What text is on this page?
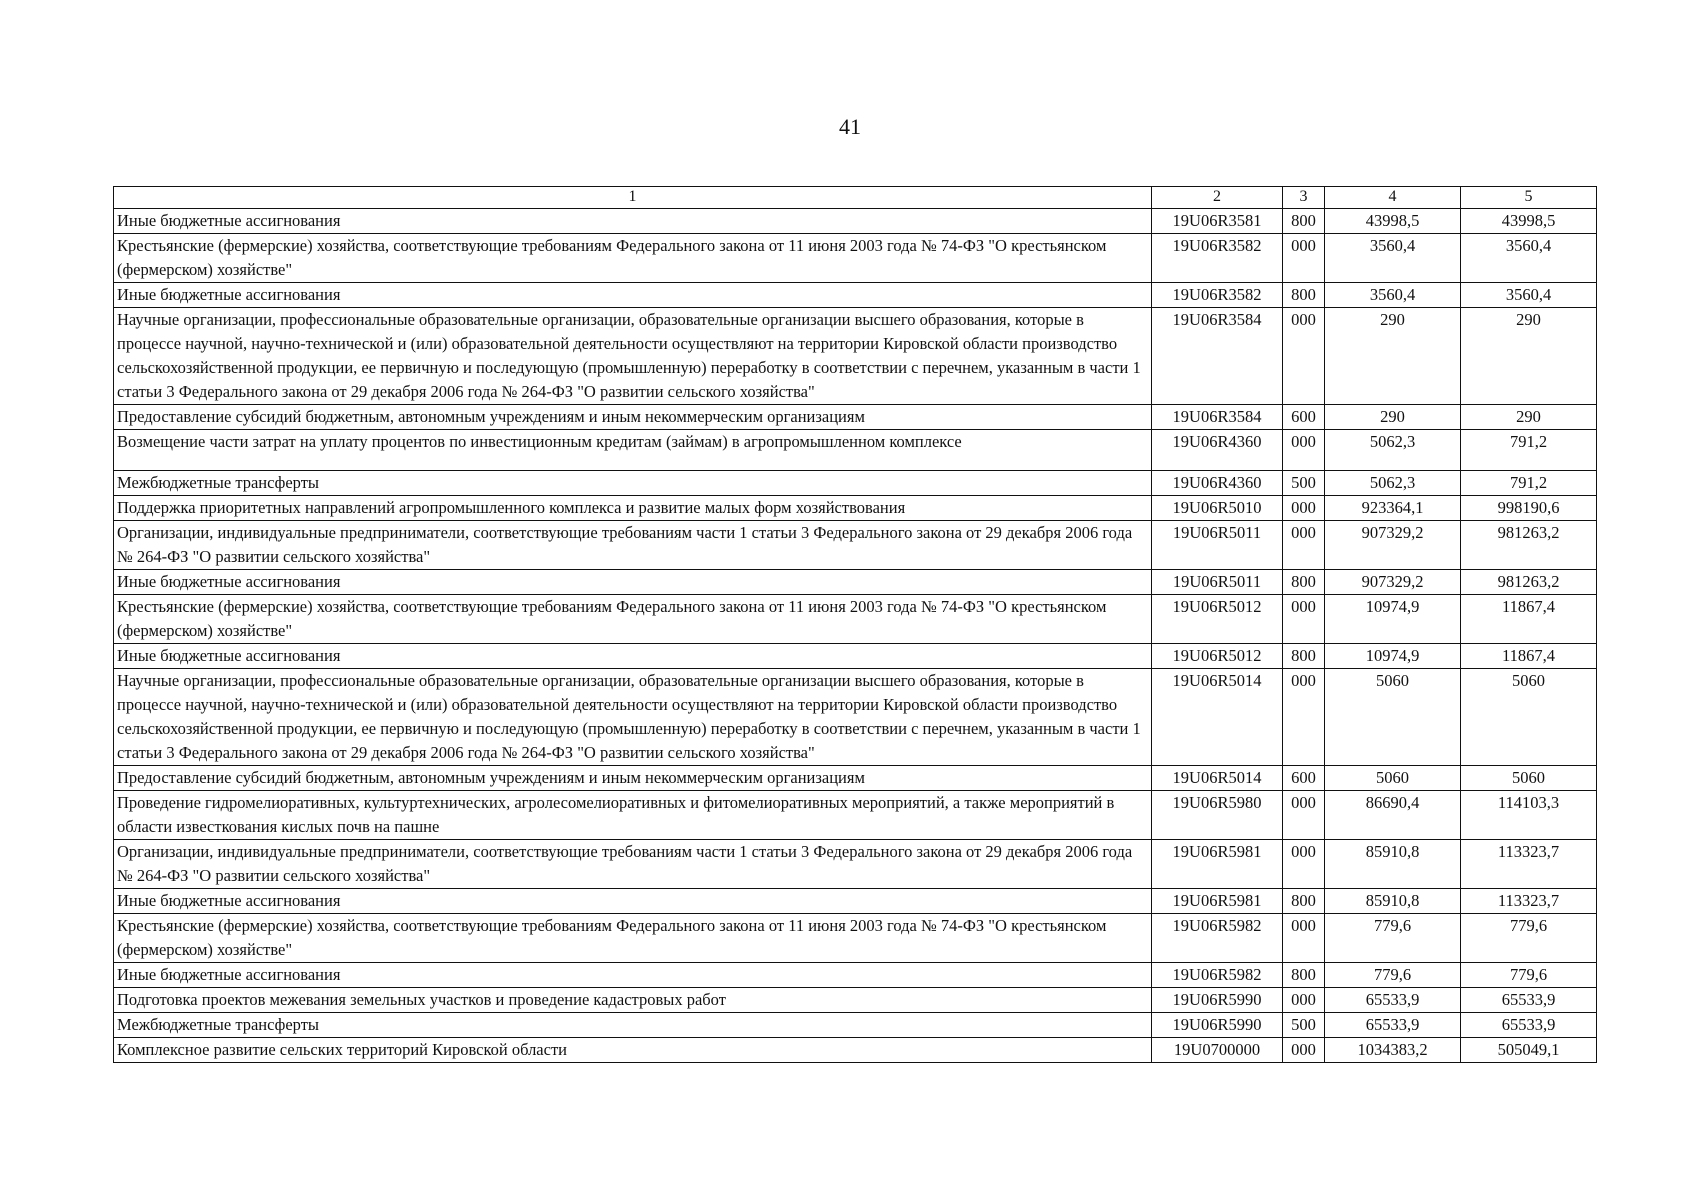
41
1	2	3	4	5
Иные бюджетные ассигнования	19U06R3581	800	43998,5	43998,5
Крестьянские (фермерские) хозяйства, соответствующие требованиям Федерального закона от 11 июня 2003 года № 74-ФЗ "О крестьянском (фермерском) хозяйстве"	19U06R3582	000	3560,4	3560,4
Иные бюджетные ассигнования	19U06R3582	800	3560,4	3560,4
Научные организации, профессиональные образовательные организации, образовательные организации высшего образования, которые в процессе научной, научно-технической и (или) образовательной деятельности осуществляют на территории Кировской области производство сельскохозяйственной продукции, ее первичную и последующую (промышленную) переработку в соответствии с перечнем, указанным в части 1 статьи 3 Федерального закона от 29 декабря 2006 года № 264-ФЗ "О развитии сельского хозяйства"	19U06R3584	000	290	290
Предоставление субсидий бюджетным, автономным учреждениям и иным некоммерческим организациям	19U06R3584	600	290	290
Возмещение части затрат на уплату процентов по инвестиционным кредитам (займам) в агропромышленном комплексе	19U06R4360	000	5062,3	791,2
Межбюджетные трансферты	19U06R4360	500	5062,3	791,2
Поддержка приоритетных направлений агропромышленного комплекса и развитие малых форм хозяйствования	19U06R5010	000	923364,1	998190,6
Организации, индивидуальные предприниматели, соответствующие требованиям части 1 статьи 3 Федерального закона от 29 декабря 2006 года № 264-ФЗ "О развитии сельского хозяйства"	19U06R5011	000	907329,2	981263,2
Иные бюджетные ассигнования	19U06R5011	800	907329,2	981263,2
Крестьянские (фермерские) хозяйства, соответствующие требованиям Федерального закона от 11 июня 2003 года № 74-ФЗ "О крестьянском (фермерском) хозяйстве"	19U06R5012	000	10974,9	11867,4
Иные бюджетные ассигнования	19U06R5012	800	10974,9	11867,4
Научные организации, профессиональные образовательные организации, образовательные организации высшего образования, которые в процессе научной, научно-технической и (или) образовательной деятельности осуществляют на территории Кировской области производство сельскохозяйственной продукции, ее первичную и последующую (промышленную) переработку в соответствии с перечнем, указанным в части 1 статьи 3 Федерального закона от 29 декабря 2006 года № 264-ФЗ "О развитии сельского хозяйства"	19U06R5014	000	5060	5060
Предоставление субсидий бюджетным, автономным учреждениям и иным некоммерческим организациям	19U06R5014	600	5060	5060
Проведение гидромелиоративных, культуртехнических, агролесомелиоративных и фитомелиоративных мероприятий, а также мероприятий в области известкования кислых почв на пашне	19U06R5980	000	86690,4	114103,3
Организации, индивидуальные предприниматели, соответствующие требованиям части 1 статьи 3 Федерального закона от 29 декабря 2006 года № 264-ФЗ "О развитии сельского хозяйства"	19U06R5981	000	85910,8	113323,7
Иные бюджетные ассигнования	19U06R5981	800	85910,8	113323,7
Крестьянские (фермерские) хозяйства, соответствующие требованиям Федерального закона от 11 июня 2003 года № 74-ФЗ "О крестьянском (фермерском) хозяйстве"	19U06R5982	000	779,6	779,6
Иные бюджетные ассигнования	19U06R5982	800	779,6	779,6
Подготовка проектов межевания земельных участков и проведение кадастровых работ	19U06R5990	000	65533,9	65533,9
Межбюджетные трансферты	19U06R5990	500	65533,9	65533,9
Комплексное развитие сельских территорий Кировской области	19U0700000	000	1034383,2	505049,1
